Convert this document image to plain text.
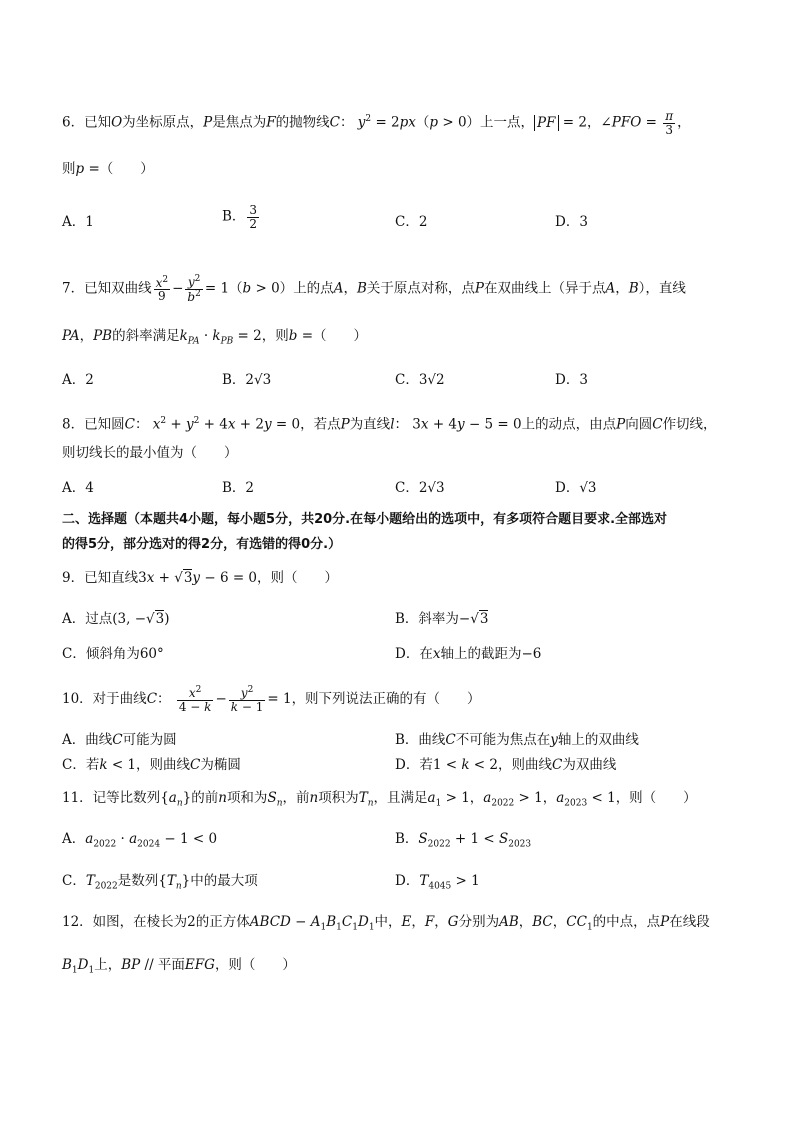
6．已知O为坐标原点，P是焦点为F的抛物线C： $y^2 = 2px(p > 0)$上一点， PF = 2，∠PFO = $\frac{\pi}{3}$ ，
则p =（　　）
A．1	B． $\frac{3}{2}$	C．2	D．3
7．已知双曲线 $\frac{x^2}{9} - \frac{y^2}{b^2} = 1(b > 0)$上的点A，B关于原点对称，点P在双曲线上（异于点A，B），直线
PA，PB的斜率满足$k_{PA} \cdot k_{PB} = 2$，则b =（　　）
A．2	B．2√3	C．3√2	D．3
8．已知圆C： $x^2 + y^2 + 4x + 2y = 0$，若点P为直线l： 3x + 4y − 5 = 0上的动点，由点P向圆C作切线，
则切线长的最小值为（　　）
A．4	B．2	C．2√3	D．√3
二、选择题（本题共4小题，每小题5分，共20分.在每小题给出的选项中，有多项符合题目要求.全部选对
的得5分，部分选对的得2分，有选错的得0分.）
9．已知直线3x + √3y − 6 = 0，则（　　）
A．过点(3, −√3)	B．斜率为−√3
C．倾斜角为60°	D．在x轴上的截距为−6
10．对于曲线C： $\frac{x^2}{4 - k} - \frac{y^2}{k - 1} = 1$，则下列说法正确的有（　　）
A．曲线C可能为圆	B．曲线C不可能为焦点在y轴上的双曲线
C．若k < 1，则曲线C为椭圆	D．若1 < k < 2，则曲线C为双曲线
11．记等比数列$\{a_n\}$的前n项和为$S_n$，前n项积为$T_n$，且满足$a_1 > 1$，$a_{2022} > 1$，$a_{2023} < 1$，则（　　）
A．$a_{2022} \cdot a_{2024} - 1 < 0$	B．$S_{2022} + 1 < S_{2023}$
C．$T_{2022}$是数列$\{T_n\}$中的最大项	D．$T_{4045} > 1$
12．如图，在棱长为2的正方体ABCD − $A_1B_1C_1D_1$中，E，F，G分别为AB，BC，$CC_1$的中点，点P在线段
$B_1D_1$上，BP // 平面EFG，则（　　）
